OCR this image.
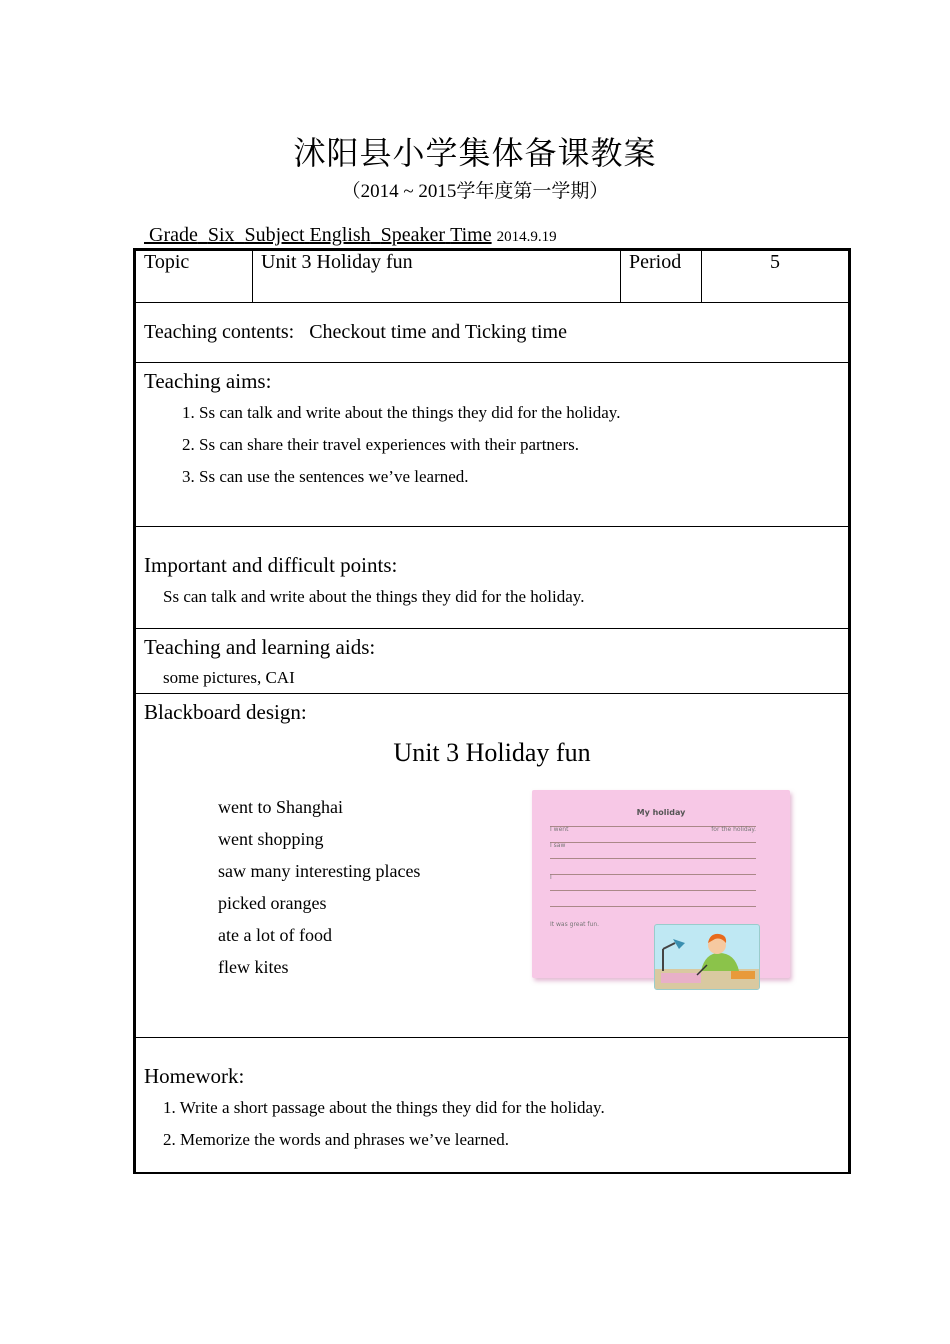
沭阳县小学集体备课教案
（2014 ~ 2015学年度第一学期）
Grade Six Subject English Speaker Time 2014.9.19
Topic	Unit 3 Holiday fun	Period	5
Teaching contents: Checkout time and Ticking time

Teaching aims:
1. Ss can talk and write about the things they did for the holiday.
2. Ss can share their travel experiences with their partners.
3. Ss can use the sentences we’ve learned.

Important and difficult points:
Ss can talk and write about the things they did for the holiday.

Teaching and learning aids:
some pictures, CAI

Blackboard design:
Unit 3 Holiday fun
went to Shanghai
went shopping
saw many interesting places
picked oranges
ate a lot of food
flew kites
My holiday
I went	for the holiday.
I saw
I
It was great fun.

Homework:
1. Write a short passage about the things they did for the holiday.
2. Memorize the words and phrases we’ve learned.
